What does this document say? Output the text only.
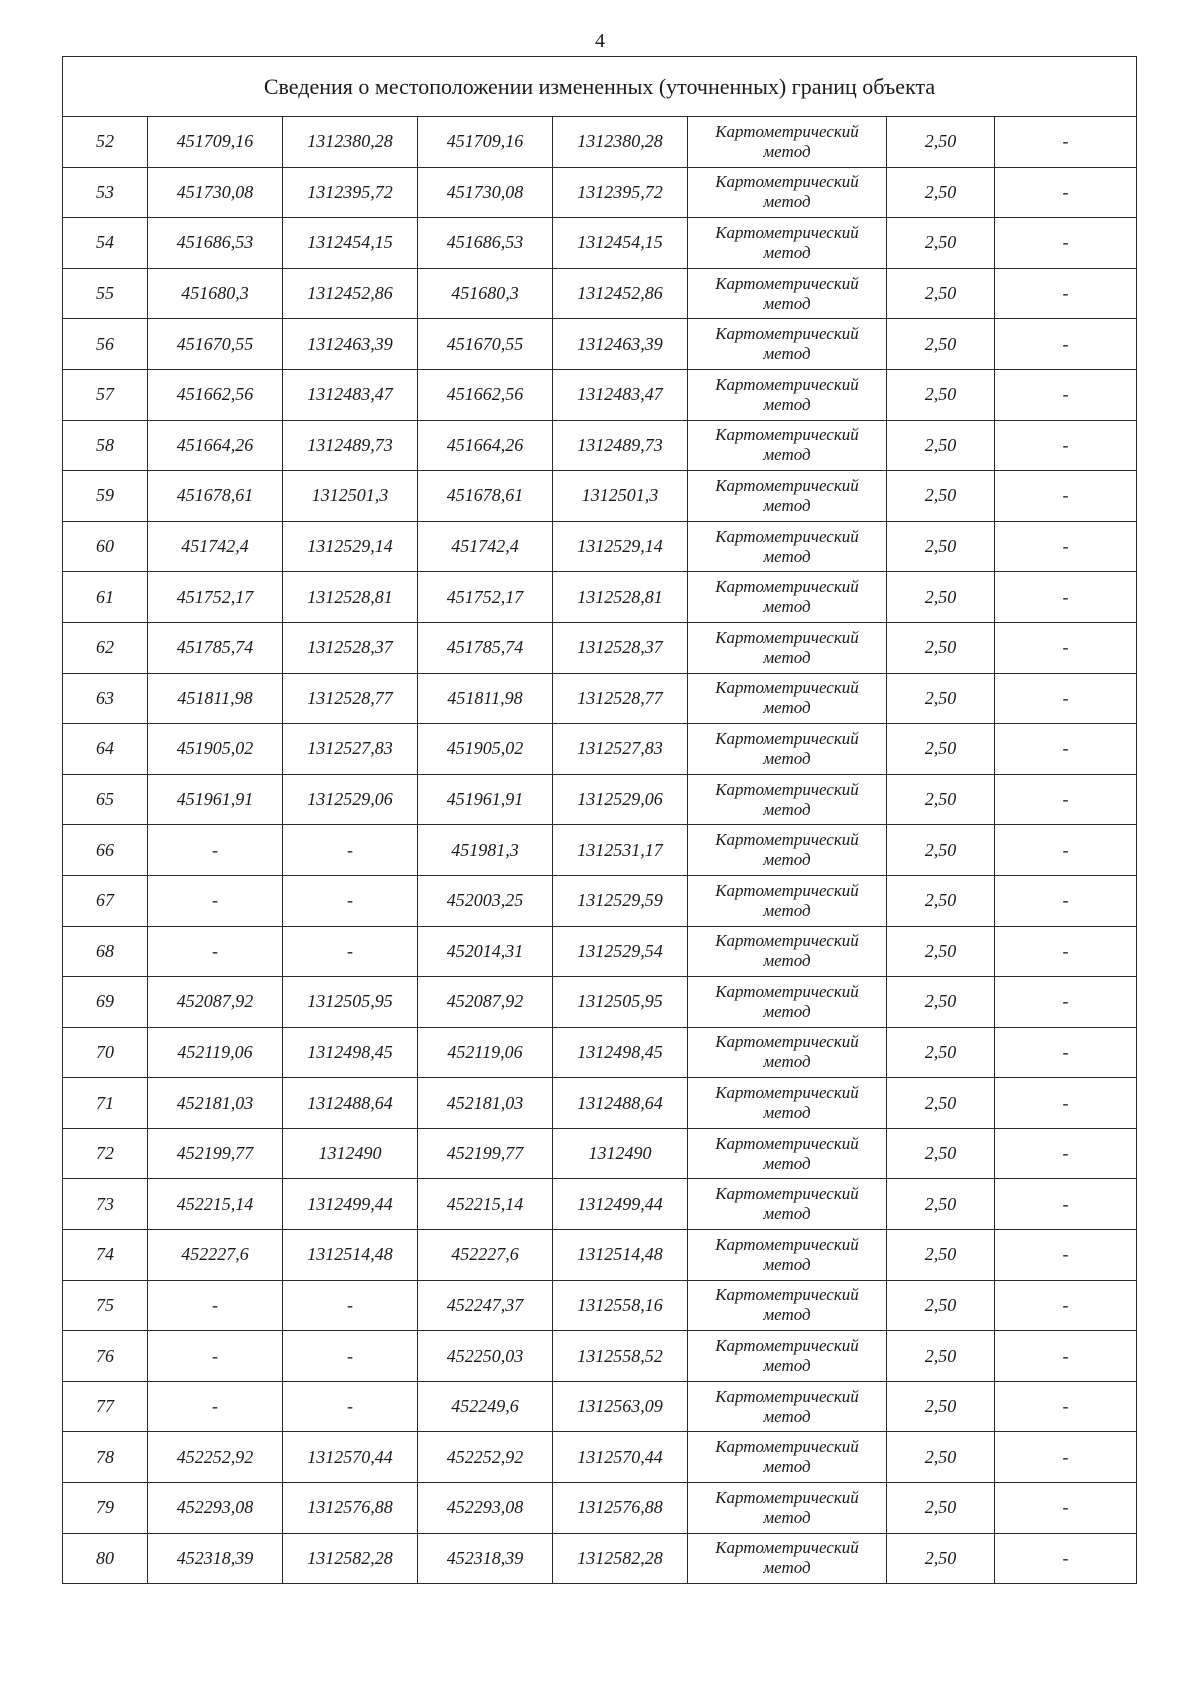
4
Сведения о местоположении измененных (уточненных) границ объекта							
52	451709,16	1312380,28	451709,16	1312380,28	Картометрический
метод	2,50	-
53	451730,08	1312395,72	451730,08	1312395,72	Картометрический
метод	2,50	-
54	451686,53	1312454,15	451686,53	1312454,15	Картометрический
метод	2,50	-
55	451680,3	1312452,86	451680,3	1312452,86	Картометрический
метод	2,50	-
56	451670,55	1312463,39	451670,55	1312463,39	Картометрический
метод	2,50	-
57	451662,56	1312483,47	451662,56	1312483,47	Картометрический
метод	2,50	-
58	451664,26	1312489,73	451664,26	1312489,73	Картометрический
метод	2,50	-
59	451678,61	1312501,3	451678,61	1312501,3	Картометрический
метод	2,50	-
60	451742,4	1312529,14	451742,4	1312529,14	Картометрический
метод	2,50	-
61	451752,17	1312528,81	451752,17	1312528,81	Картометрический
метод	2,50	-
62	451785,74	1312528,37	451785,74	1312528,37	Картометрический
метод	2,50	-
63	451811,98	1312528,77	451811,98	1312528,77	Картометрический
метод	2,50	-
64	451905,02	1312527,83	451905,02	1312527,83	Картометрический
метод	2,50	-
65	451961,91	1312529,06	451961,91	1312529,06	Картометрический
метод	2,50	-
66	-	-	451981,3	1312531,17	Картометрический
метод	2,50	-
67	-	-	452003,25	1312529,59	Картометрический
метод	2,50	-
68	-	-	452014,31	1312529,54	Картометрический
метод	2,50	-
69	452087,92	1312505,95	452087,92	1312505,95	Картометрический
метод	2,50	-
70	452119,06	1312498,45	452119,06	1312498,45	Картометрический
метод	2,50	-
71	452181,03	1312488,64	452181,03	1312488,64	Картометрический
метод	2,50	-
72	452199,77	1312490	452199,77	1312490	Картометрический
метод	2,50	-
73	452215,14	1312499,44	452215,14	1312499,44	Картометрический
метод	2,50	-
74	452227,6	1312514,48	452227,6	1312514,48	Картометрический
метод	2,50	-
75	-	-	452247,37	1312558,16	Картометрический
метод	2,50	-
76	-	-	452250,03	1312558,52	Картометрический
метод	2,50	-
77	-	-	452249,6	1312563,09	Картометрический
метод	2,50	-
78	452252,92	1312570,44	452252,92	1312570,44	Картометрический
метод	2,50	-
79	452293,08	1312576,88	452293,08	1312576,88	Картометрический
метод	2,50	-
80	452318,39	1312582,28	452318,39	1312582,28	Картометрический
метод	2,50	-
